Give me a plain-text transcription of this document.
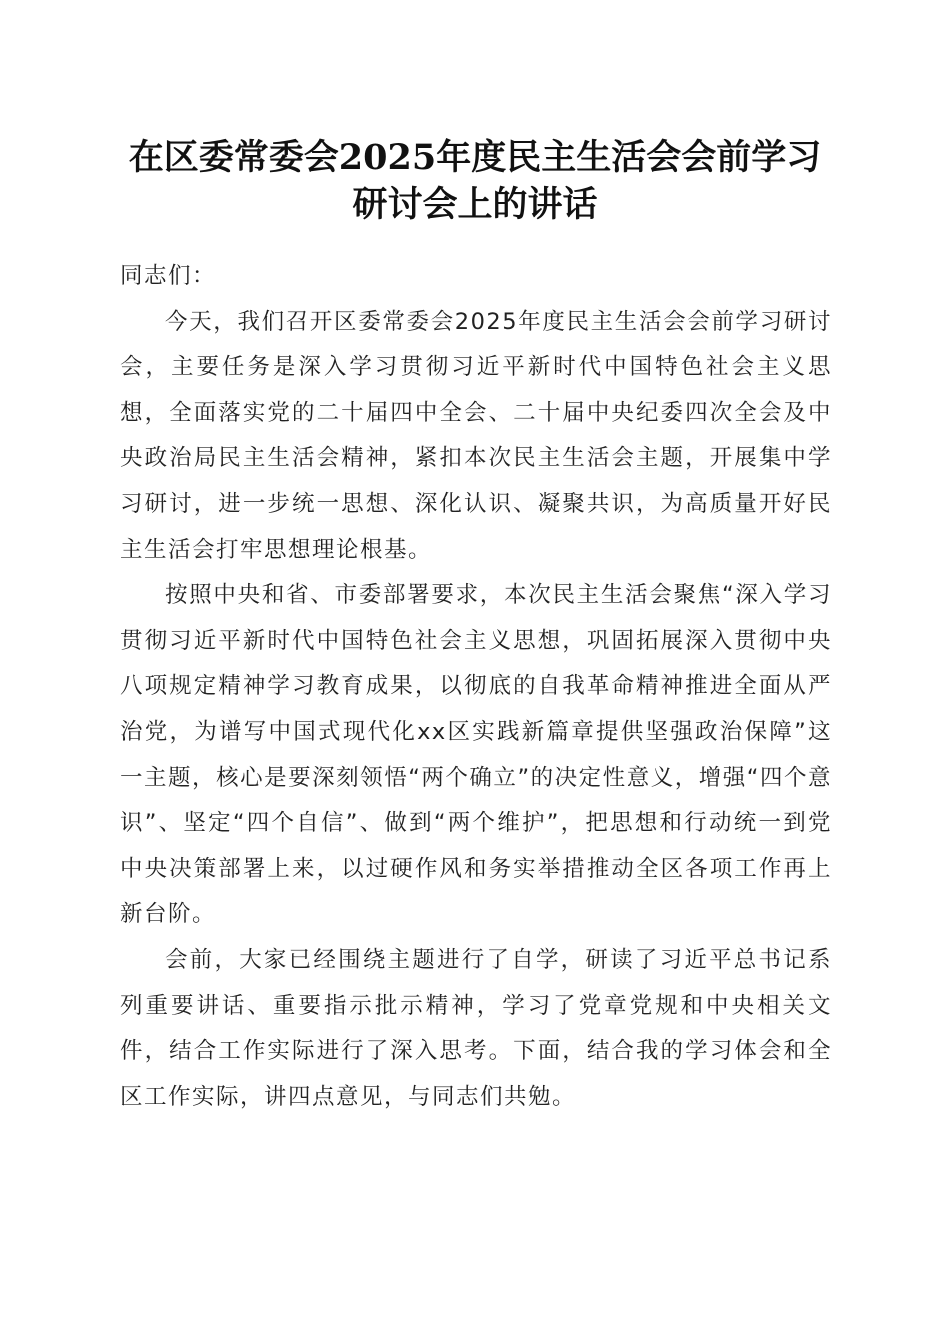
在区委常委会2025年度民主生活会会前学习
研讨会上的讲话

同志们：

今天，我们召开区委常委会2025年度民主生活会会前学习研讨会，主要任务是深入学习贯彻习近平新时代中国特色社会主义思想，全面落实党的二十届四中全会、二十届中央纪委四次全会及中央政治局民主生活会精神，紧扣本次民主生活会主题，开展集中学习研讨，进一步统一思想、深化认识、凝聚共识，为高质量开好民主生活会打牢思想理论根基。

按照中央和省、市委部署要求，本次民主生活会聚焦“深入学习贯彻习近平新时代中国特色社会主义思想，巩固拓展深入贯彻中央八项规定精神学习教育成果，以彻底的自我革命精神推进全面从严治党，为谱写中国式现代化xx区实践新篇章提供坚强政治保障”这一主题，核心是要深刻领悟“两个确立”的决定性意义，增强“四个意识”、坚定“四个自信”、做到“两个维护”，把思想和行动统一到党中央决策部署上来，以过硬作风和务实举措推动全区各项工作再上新台阶。

会前，大家已经围绕主题进行了自学，研读了习近平总书记系列重要讲话、重要指示批示精神，学习了党章党规和中央相关文件，结合工作实际进行了深入思考。下面，结合我的学习体会和全区工作实际，讲四点意见，与同志们共勉。
